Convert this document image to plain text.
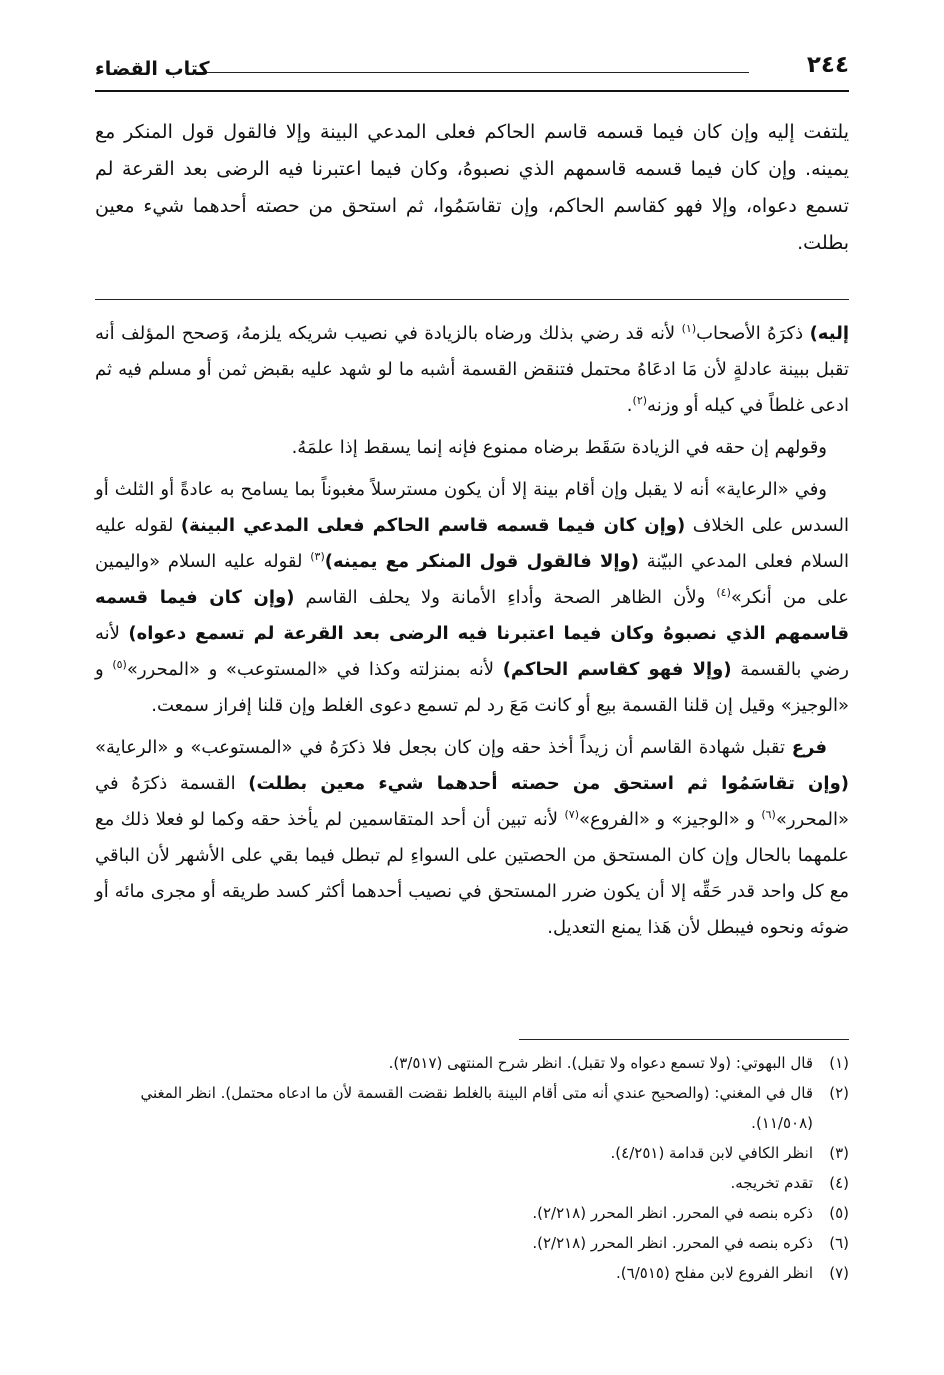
٢٤٤
كتاب القضاء
يلتفت إليه وإن كان فيما قسمه قاسم الحاكم فعلى المدعي البينة وإلا فالقول قول المنكر مع يمينه. وإن كان فيما قسمه قاسمهم الذي نصبوهُ، وكان فيما اعتبرنا فيه الرضى بعد القرعة لم تسمع دعواه، وإلا فهو كقاسم الحاكم، وإن تقاسَمُوا، ثم استحق من حصته أحدهما شيء معين بطلت.

إليه) ذكرَهُ الأصحاب$^{(١)}$ لأنه قد رضي بذلك ورضاه بالزيادة في نصيب شريكه يلزمهُ، وَصحح المؤلف أنه تقبل ببينة عادلةٍ لأن مَا ادعَاهُ محتمل فتنقض القسمة أشبه ما لو شهد عليه بقبض ثمن أو مسلم فيه ثم ادعى غلطاً في كيله أو وزنه$^{(٢)}$.

وقولهم إن حقه في الزيادة سَقَط برضاه ممنوع فإنه إنما يسقط إذا علمَهُ.

وفي «الرعاية» أنه لا يقبل وإن أقام بينة إلا أن يكون مسترسلاً مغبوناً بما يسامح به عادةً أو الثلث أو السدس على الخلاف (وإن كان فيما قسمه قاسم الحاكم فعلى المدعي البينة) لقوله عليه السلام فعلى المدعي البيّنة (وإلا فالقول قول المنكر مع يمينه)$^{(٣)}$ لقوله عليه السلام «واليمين على من أنكر»$^{(٤)}$ ولأن الظاهر الصحة وأداءِ الأمانة ولا يحلف القاسم (وإن كان فيما قسمه قاسمهم الذي نصبوهُ وكان فيما اعتبرنا فيه الرضى بعد القرعة لم تسمع دعواه) لأنه رضي بالقسمة (وإلا فهو كقاسم الحاكم) لأنه بمنزلته وكذا في «المستوعب» و «المحرر»$^{(٥)}$ و «الوجيز» وقيل إن قلنا القسمة بيع أو كانت مَعَ رد لم تسمع دعوى الغلط وإن قلنا إفراز سمعت.

فرع تقبل شهادة القاسم أن زيداً أخذ حقه وإن كان بجعل فلا ذكرَهُ في «المستوعب» و «الرعاية» (وإن تقاسَمُوا ثم استحق من حصته أحدهما شيء معين بطلت) القسمة ذكرَهُ في «المحرر»$^{(٦)}$ و «الوجيز» و «الفروع»$^{(٧)}$ لأنه تبين أن أحد المتقاسمين لم يأخذ حقه وكما لو فعلا ذلك مع علمهما بالحال وإن كان المستحق من الحصتين على السواءِ لم تبطل فيما بقي على الأشهر لأن الباقي مع كل واحد قدر حَقِّه إلا أن يكون ضرر المستحق في نصيب أحدهما أكثر كسد طريقه أو مجرى مائه أو ضوئه ونحوه فيبطل لأن هَذا يمنع التعديل.

(١)
قال البهوتي: (ولا تسمع دعواه ولا تقبل). انظر شرح المنتهى (٣/٥١٧).
(٢)
قال في المغني: (والصحيح عندي أنه متى أقام البينة بالغلط نقضت القسمة لأن ما ادعاه محتمل). انظر المغني (١١/٥٠٨).
(٣)
انظر الكافي لابن قدامة (٤/٢٥١).
(٤)
تقدم تخريجه.
(٥)
ذكره بنصه في المحرر. انظر المحرر (٢/٢١٨).
(٦)
ذكره بنصه في المحرر. انظر المحرر (٢/٢١٨).
(٧)
انظر الفروع لابن مفلح (٦/٥١٥).
